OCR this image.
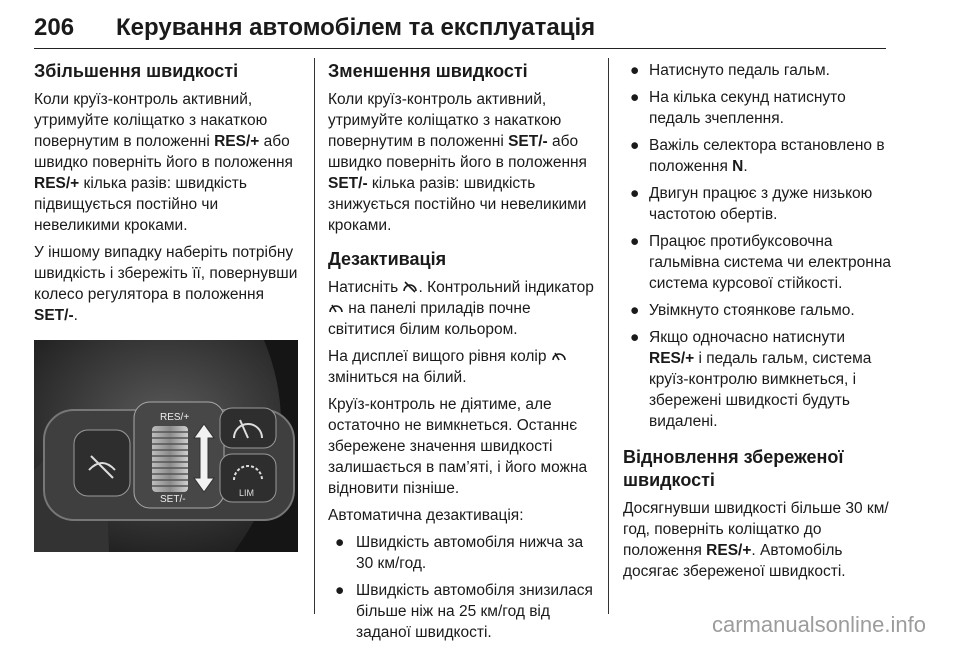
206 Керування автомобілем та експлуатація
Збільшення швидкості

Коли круїз-контроль активний, утримуйте коліщатко з накаткою повернутим в положенні RES/+ або швидко поверніть його в положення RES/+ кілька разів: швидкість підвищується постійно чи невеликими кроками.

У іншому випадку наберіть потрібну швидкість і збережіть її, повернувши колесо регулятора в положення SET/-.

RES/+
SET/-
LIM
Зменшення швидкості

Коли круїз-контроль активний, утримуйте коліщатко з накаткою повернутим в положенні SET/- або швидко поверніть його в положення SET/- кілька разів: швидкість знижується постійно чи невеликими кроками.

Дезактивація

Натисніть . Контрольний індикатор  на панелі приладів почне світитися білим кольором.

На дисплеї вищого рівня колір  зміниться на білий.

Круїз-контроль не діятиме, але остаточно не вимкнеться. Останнє збережене значення швидкості залишається в пам’яті, і його можна відновити пізніше.

Автоматична дезактивація:

● Швидкість автомобіля нижча за 30 км/год.
● Швидкість автомобіля знизилася більше ніж на 25 км/год від заданої швидкості.
● Натиснуто педаль гальм.
● На кілька секунд натиснуто педаль зчеплення.
● Важіль селектора встановлено в положення N.
● Двигун працює з дуже низькою частотою обертів.
● Працює протибуксовочна гальмівна система чи електронна система курсової стійкості.
● Увімкнуто стоянкове гальмо.
● Якщо одночасно натиснути RES/+ і педаль гальм, система круїз-контролю вимкнеться, і збережені швидкості будуть видалені.
Відновлення збереженої швидкості

Досягнувши швидкості більше 30 км/год, поверніть коліщатко до положення RES/+. Автомобіль досягає збереженої швидкості.

carmanualsonline.info
